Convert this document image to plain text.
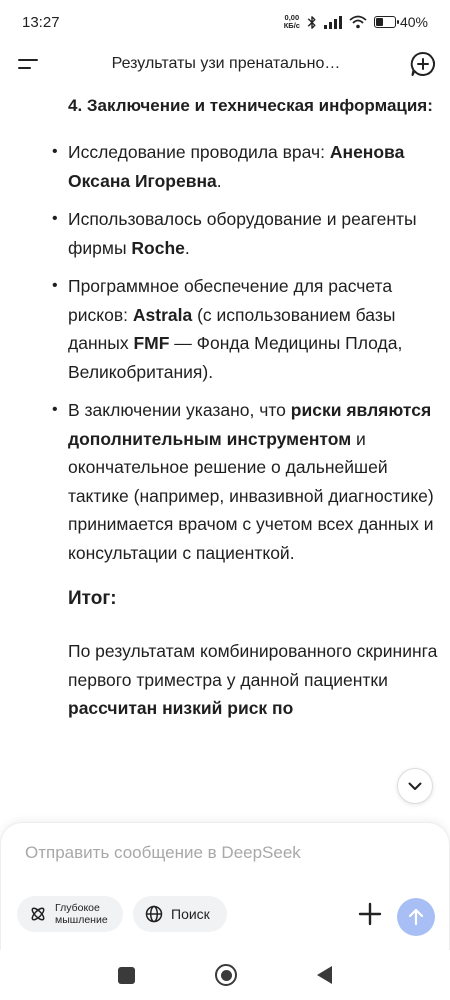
13:27	0,00
КБ/с	40%
Результаты узи пренатально…
4. Заключение и техническая информация:
• Исследование проводила врач: Аненова Оксана Игоревна.
• Использовалось оборудование и реагенты фирмы Roche.
• Программное обеспечение для расчета рисков: Astrala (с использованием базы данных FMF — Фонда Медицины Плода, Великобритания).
• В заключении указано, что риски являются дополнительным инструментом и окончательное решение о дальнейшей тактике (например, инвазивной диагностике) принимается врачом с учетом всех данных и консультации с пациенткой.
Итог:

По результатам комбинированного скрининга первого триместра у данной пациентки рассчитан низкий риск по

Отправить сообщение в DeepSeek
Глубокое
мышление	Поиск
